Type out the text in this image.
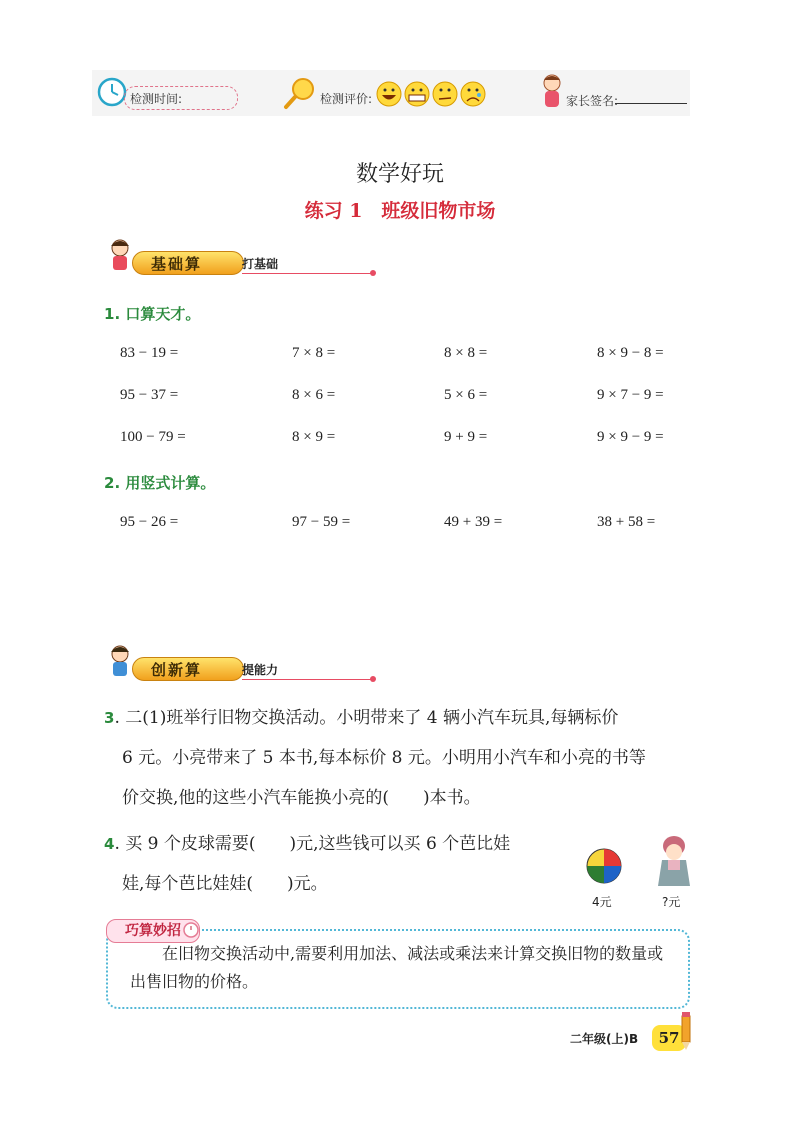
检测时间:	检测评价:	家长签名:
数学好玩
练习 1　班级旧物市场
基础算	打基础
1. 口算天才。
83 − 19 =	7 × 8 =	8 × 8 =	8 × 9 − 8 =
95 − 37 =	8 × 6 =	5 × 6 =	9 × 7 − 9 =
100 − 79 =	8 × 9 =	9 + 9 =	9 × 9 − 9 =
2. 用竖式计算。
95 − 26 =	97 − 59 =	49 + 39 =	38 + 58 =
创新算	提能力
3. 二(1)班举行旧物交换活动。小明带来了 4 辆小汽车玩具,每辆标价
6 元。小亮带来了 5 本书,每本标价 8 元。小明用小汽车和小亮的书等
价交换,他的这些小汽车能换小亮的(　　)本书。
4. 买 9 个皮球需要(　　)元,这些钱可以买 6 个芭比娃
娃,每个芭比娃娃(　　)元。
4元	?元
巧算妙招
在旧物交换活动中,需要利用加法、减法或乘法来计算交换旧物的数量或出售旧物的价格。
二年级(上)B	57
